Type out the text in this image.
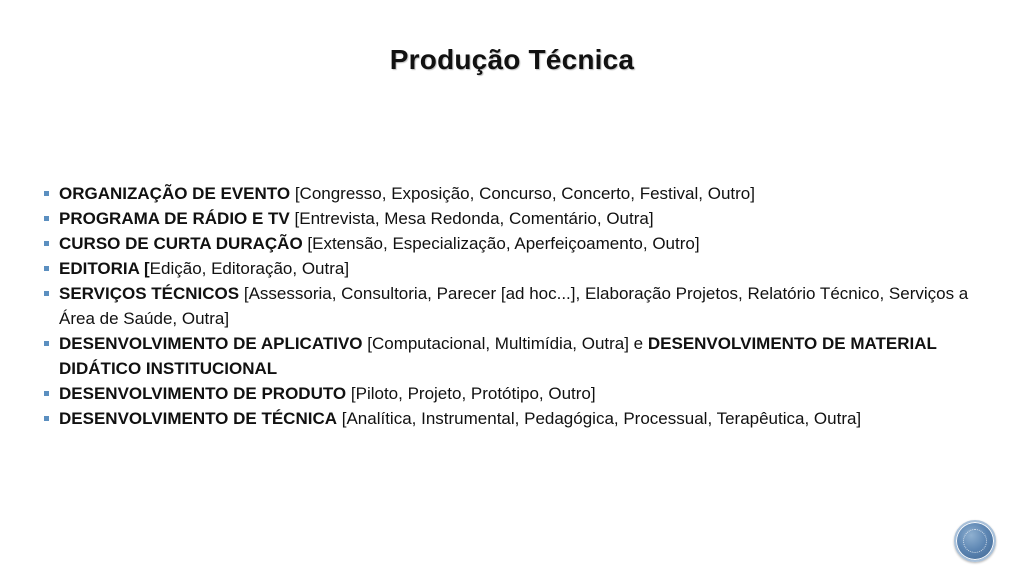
Produção Técnica
ORGANIZAÇÃO DE EVENTO [Congresso, Exposição, Concurso, Concerto, Festival, Outro]
PROGRAMA DE RÁDIO E TV [Entrevista, Mesa Redonda, Comentário, Outra]
CURSO DE CURTA DURAÇÃO [Extensão, Especialização, Aperfeiçoamento, Outro]
EDITORIA [Edição, Editoração, Outra]
SERVIÇOS TÉCNICOS [Assessoria, Consultoria, Parecer [ad hoc...], Elaboração Projetos, Relatório Técnico, Serviços a Área de Saúde, Outra]
DESENVOLVIMENTO DE APLICATIVO [Computacional, Multimídia, Outra] e DESENVOLVIMENTO DE MATERIAL DIDÁTICO INSTITUCIONAL
DESENVOLVIMENTO DE PRODUTO [Piloto, Projeto, Protótipo, Outro]
DESENVOLVIMENTO DE TÉCNICA [Analítica, Instrumental, Pedagógica, Processual, Terapêutica, Outra]
